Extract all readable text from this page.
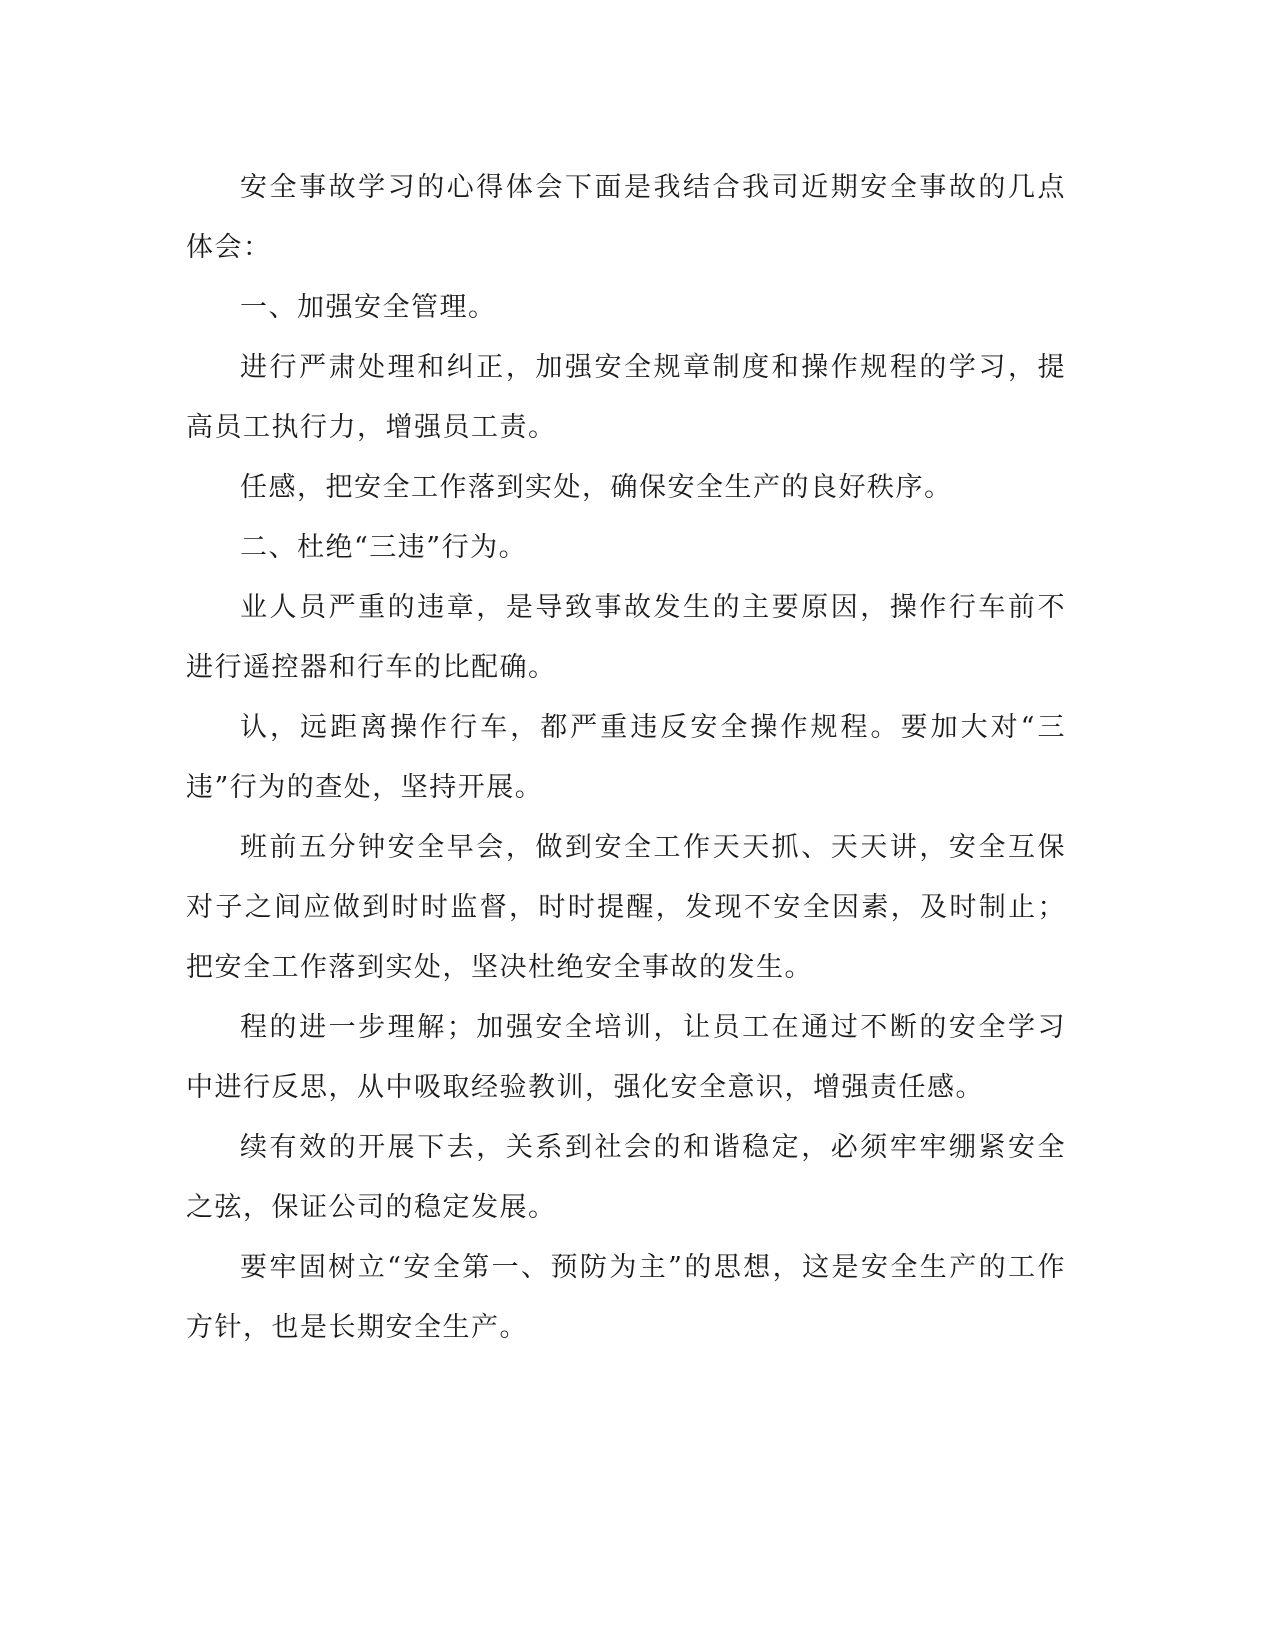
安全事故学习的心得体会下面是我结合我司近期安全事故的几点体会：

一、加强安全管理。

进行严肃处理和纠正，加强安全规章制度和操作规程的学习，提高员工执行力，增强员工责。

任感，把安全工作落到实处，确保安全生产的良好秩序。

二、杜绝“三违”行为。

业人员严重的违章，是导致事故发生的主要原因，操作行车前不进行遥控器和行车的比配确。

认，远距离操作行车，都严重违反安全操作规程。要加大对“三违”行为的查处，坚持开展。

班前五分钟安全早会，做到安全工作天天抓、天天讲，安全互保对子之间应做到时时监督，时时提醒，发现不安全因素，及时制止；把安全工作落到实处，坚决杜绝安全事故的发生。

程的进一步理解；加强安全培训，让员工在通过不断的安全学习中进行反思，从中吸取经验教训，强化安全意识，增强责任感。

续有效的开展下去，关系到社会的和谐稳定，必须牢牢绷紧安全之弦，保证公司的稳定发展。

要牢固树立“安全第一、预防为主”的思想，这是安全生产的工作方针，也是长期安全生产。
